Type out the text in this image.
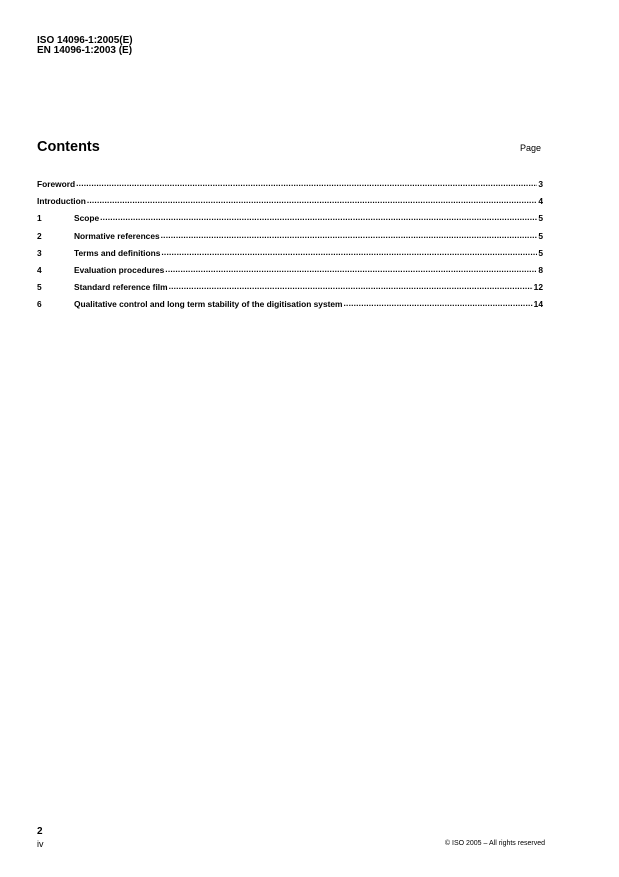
ISO 14096-1:2005(E)
EN 14096-1:2003 (E)
Contents	Page
Foreword .....	3
Introduction .....	4
1	Scope .....	5
2	Normative references .....	5
3	Terms and definitions .....	5
4	Evaluation procedures .....	8
5	Standard reference film .....	12
6	Qualitative control and long term stability of the digitisation system .....	14
2
iv	© ISO 2005 – All rights reserved
